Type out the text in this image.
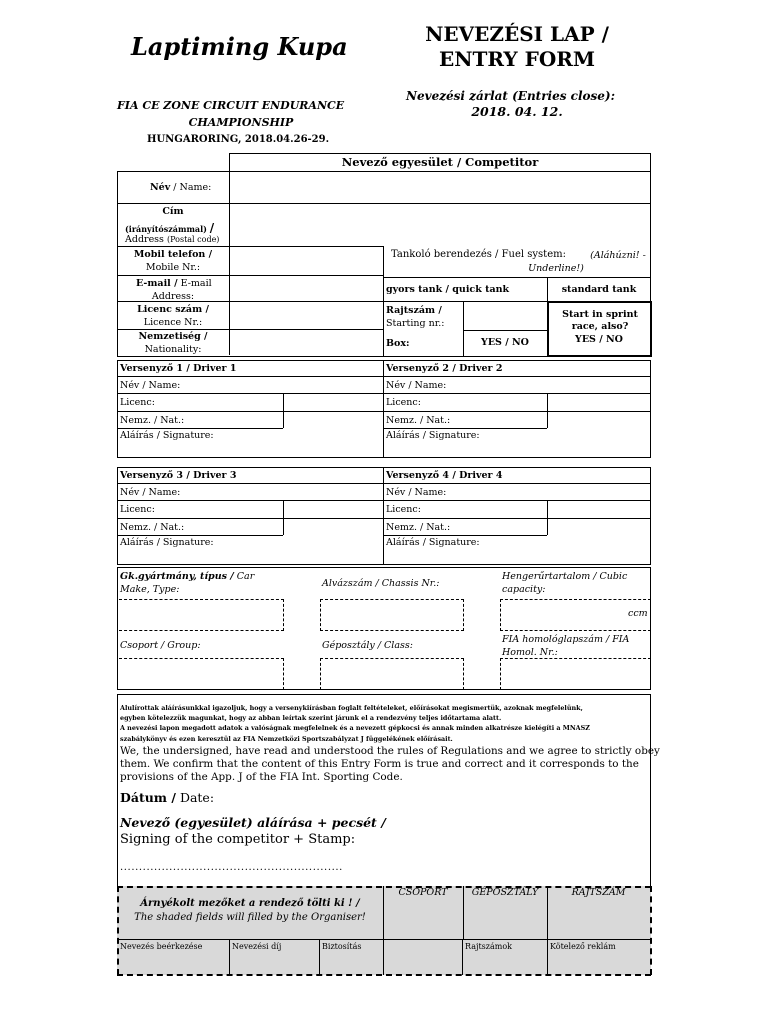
Laptiming Kupa	NEVEZÉSI LAP /
ENTRY FORM
FIA CE ZONE CIRCUIT ENDURANCE
CHAMPIONSHIP
HUNGARORING, 2018.04.26-29.
Nevezési zárlat (Entries close):
2018. 04. 12.
Nevező egyesület / Competitor
Név / Name:
Cím
(irányítószámmal) /
Address (Postal code)
Mobil telefon /
Mobile Nr.:
E-mail / E-mail
Address:
Licenc szám /
Licence Nr.:
Nemzetiség /
Nationality:
Tankoló berendezés / Fuel system:	(Aláhúzni! - Underline!)
gyors tank / quick tank	standard tank
Rajtszám /
Starting nr.:
Box:	YES / NO
Start in sprint race, also?
YES / NO
Versenyző 1 / Driver 1
Név / Name:
Licenc:
Nemz. / Nat.:
Aláírás / Signature:
Versenyző 2 / Driver 2
Név / Name:
Licenc:
Nemz. / Nat.:
Aláírás / Signature:
Versenyző 3 / Driver 3
Név / Name:
Licenc:
Nemz. / Nat.:
Aláírás / Signature:
Versenyző 4 / Driver 4
Név / Name:
Licenc:
Nemz. / Nat.:
Aláírás / Signature:
Gk.gyártmány, típus / Car
Make, Type:
Alvázszám / Chassis Nr.:
Hengerűrtartalom / Cubic
capacity:
ccm
Csoport / Group:	Géposztály / Class:
FIA homológlapszám / FIA
Homol. Nr.:
Alulírottak aláírásunkkal igazoljuk, hogy a versenykiírásban foglalt feltételeket, előírásokat megismertük, azoknak megfelelünk,
egyben kötelezzük magunkat, hogy az abban leírtak szerint járunk el a rendezvény teljes időtartama alatt.
A nevezési lapon megadott adatok a valóságnak megfelelnek és a nevezett gépkocsi és annak minden alkatrésze kielégíti a MNASZ
szabálykönyv és ezen keresztül az FIA Nemzetközi Sportszabályzat J függelékének előírásait.
We, the undersigned, have read and understood the rules of Regulations and we agree to strictly obey
them. We confirm that the content of this Entry Form is true and correct and it corresponds to the
provisions of the App. J of the FIA Int. Sporting Code.
Dátum / Date:
Nevező (egyesület) aláírása + pecsét /
Signing of the competitor + Stamp:
...........................................................
Árnyékolt mezőket a rendező tölti ki ! /
The shaded fields will filled by the Organiser!
CSOPORT	GÉPOSZTÁLY	RAJTSZÁM
Nevezés beérkezése	Nevezési díj	Biztosítás	Rajtszámok	Kötelező reklám
